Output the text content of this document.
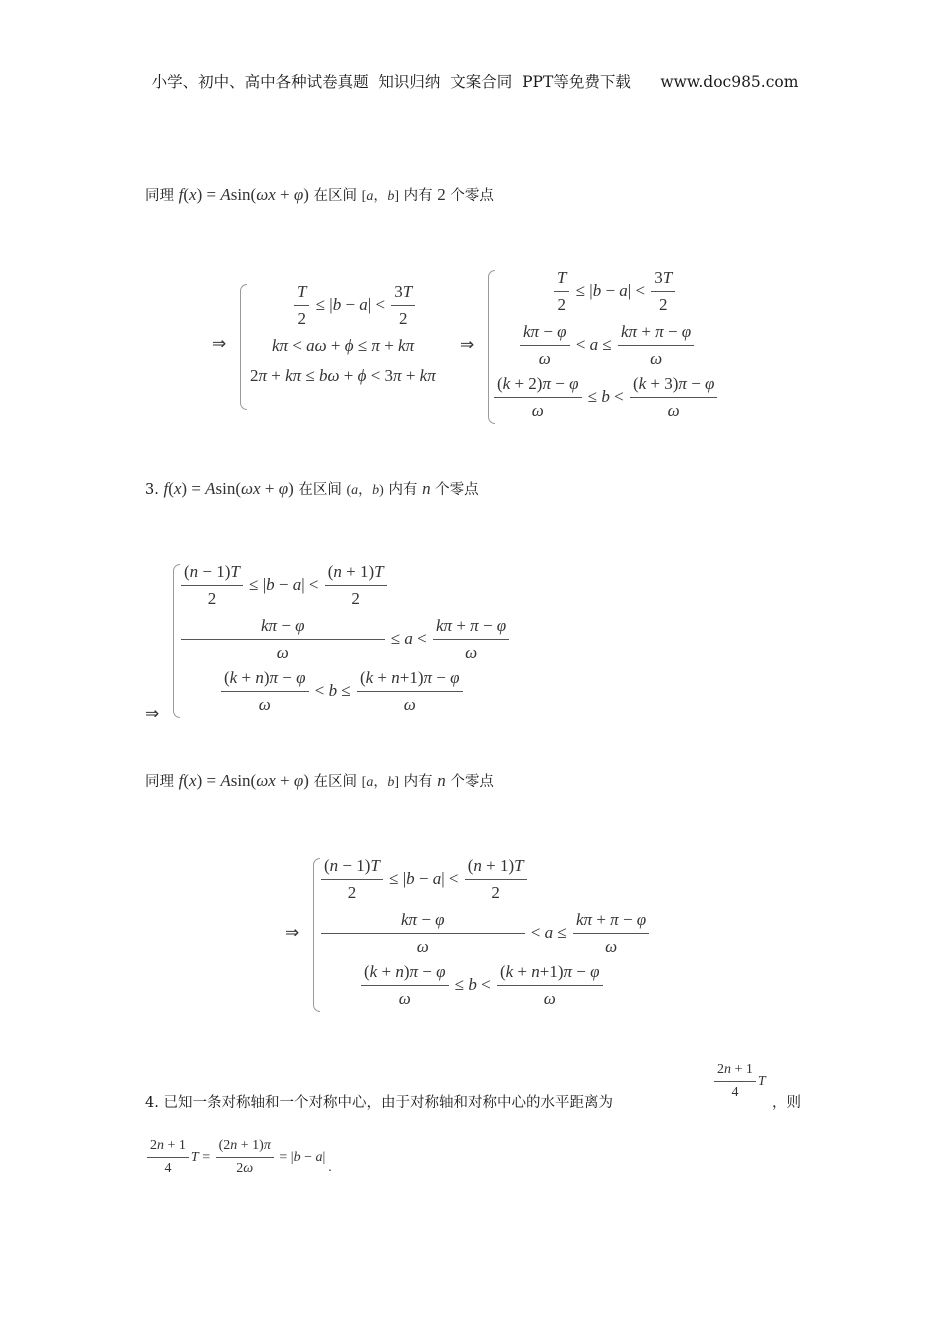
小学、初中、高中各种试卷真题  知识归纳  文案合同  PPT等免费下载      www.doc985.com
同理 f(x) = Asin(ωx + φ) 在区间 [a，b] 内有 2 个零点
⇒
$\frac{T}{2} \le |b - a| < \frac{3T}{2}$
kπ < aω + ϕ ≤ π + kπ
2π + kπ ≤ bω + ϕ < 3π + kπ
⇒
$\frac{T}{2} \le |b - a| < \frac{3T}{2}$
$\frac{k\pi - \varphi}{\omega} < a \le \frac{k\pi + \pi - \varphi}{\omega}$
$\frac{(k + 2)\pi - \varphi}{\omega} \le b < \frac{(k + 3)\pi - \varphi}{\omega}$
3. f(x) = Asin(ωx + φ) 在区间 (a，b) 内有 n 个零点
⇒
$\frac{(n - 1)T}{2} \le |b - a| < \frac{(n + 1)T}{2}$
$\frac{k\pi - \varphi}{\omega} \le a < \frac{k\pi + \pi - \varphi}{\omega}$
$\frac{(k + n)\pi - \varphi}{\omega} < b \le \frac{(k + n+1)\pi - \varphi}{\omega}$
同理 f(x) = Asin(ωx + φ) 在区间 [a，b] 内有 n 个零点
⇒
$\frac{(n - 1)T}{2} \le |b - a| < \frac{(n + 1)T}{2}$
$\frac{k\pi - \varphi}{\omega} < a \le \frac{k\pi + \pi - \varphi}{\omega}$
$\frac{(k + n)\pi - \varphi}{\omega} \le b < \frac{(k + n+1)\pi - \varphi}{\omega}$
4. 已知一条对称轴和一个对称中心，由于对称轴和对称中心的水平距离为
$\frac{2n + 1}{4}$ T
，则
$\frac{2n + 1}{4}$ $T = \frac{(2n + 1)\pi}{2\omega} = |b - a|$
.
